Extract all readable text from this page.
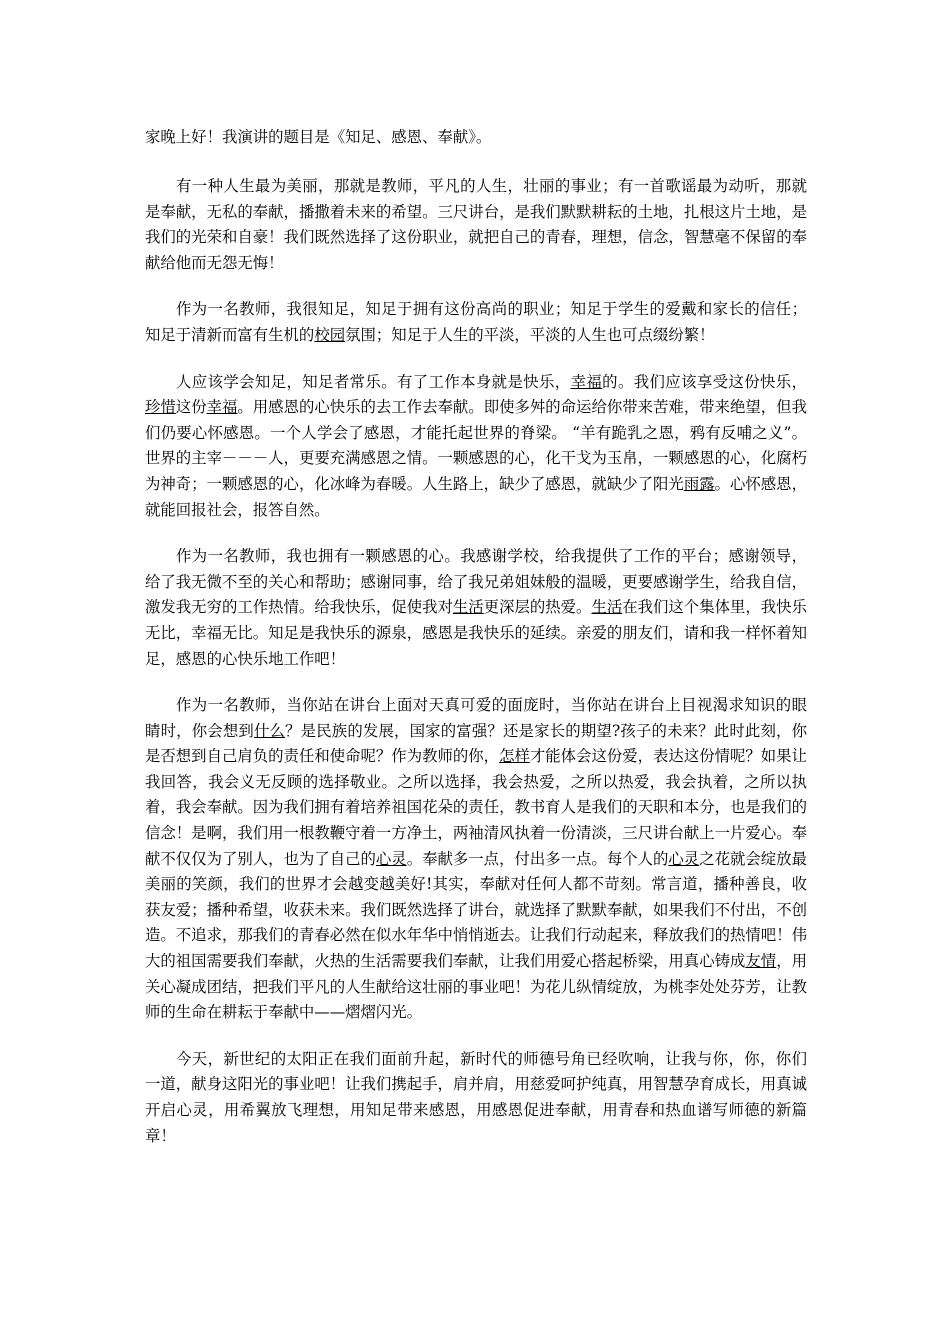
家晚上好！我演讲的题目是《知足、感恩、奉献》。

有一种人生最为美丽，那就是教师，平凡的人生，壮丽的事业；有一首歌谣最为动听，那就是奉献，无私的奉献，播撒着未来的希望。三尺讲台，是我们默默耕耘的土地，扎根这片土地，是我们的光荣和自豪！我们既然选择了这份职业，就把自己的青春，理想，信念，智慧毫不保留的奉献给他而无怨无悔！

作为一名教师，我很知足，知足于拥有这份高尚的职业；知足于学生的爱戴和家长的信任；知足于清新而富有生机的校园氛围；知足于人生的平淡，平淡的人生也可点缀纷繁！

人应该学会知足，知足者常乐。有了工作本身就是快乐，幸福的。我们应该享受这份快乐，珍惜这份幸福。用感恩的心快乐的去工作去奉献。即使多舛的命运给你带来苦难，带来绝望，但我们仍要心怀感恩。一个人学会了感恩，才能托起世界的脊梁。 “羊有跪乳之恩，鸦有反哺之义”。世界的主宰－－－人，更要充满感恩之情。一颗感恩的心，化干戈为玉帛，一颗感恩的心，化腐朽为神奇；一颗感恩的心，化冰峰为春暖。人生路上，缺少了感恩，就缺少了阳光雨露。心怀感恩，就能回报社会，报答自然。

作为一名教师，我也拥有一颗感恩的心。我感谢学校，给我提供了工作的平台；感谢领导，给了我无微不至的关心和帮助；感谢同事，给了我兄弟姐妹般的温暖，更要感谢学生，给我自信，激发我无穷的工作热情。给我快乐，促使我对生活更深层的热爱。生活在我们这个集体里，我快乐无比，幸福无比。知足是我快乐的源泉，感恩是我快乐的延续。亲爱的朋友们，请和我一样怀着知足，感恩的心快乐地工作吧！

作为一名教师，当你站在讲台上面对天真可爱的面庞时，当你站在讲台上目视渴求知识的眼睛时，你会想到什么？是民族的发展，国家的富强？还是家长的期望?孩子的未来？此时此刻，你是否想到自己肩负的责任和使命呢？作为教师的你，怎样才能体会这份爱，表达这份情呢？如果让我回答，我会义无反顾的选择敬业。之所以选择，我会热爱，之所以热爱，我会执着，之所以执着，我会奉献。因为我们拥有着培养祖国花朵的责任，教书育人是我们的天职和本分，也是我们的信念！是啊，我们用一根教鞭守着一方净土，两袖清风执着一份清淡，三尺讲台献上一片爱心。奉献不仅仅为了别人，也为了自己的心灵。奉献多一点，付出多一点。每个人的心灵之花就会绽放最美丽的笑颜，我们的世界才会越变越美好!其实，奉献对任何人都不苛刻。常言道，播种善良，收获友爱；播种希望，收获未来。我们既然选择了讲台，就选择了默默奉献，如果我们不付出，不创造。不追求，那我们的青春必然在似水年华中悄悄逝去。让我们行动起来，释放我们的热情吧！伟大的祖国需要我们奉献，火热的生活需要我们奉献，让我们用爱心搭起桥梁，用真心铸成友情，用关心凝成团结，把我们平凡的人生献给这壮丽的事业吧！为花儿纵情绽放，为桃李处处芬芳，让教师的生命在耕耘于奉献中——熠熠闪光。

今天，新世纪的太阳正在我们面前升起，新时代的师德号角已经吹响，让我与你，你，你们一道，献身这阳光的事业吧！让我们携起手，肩并肩，用慈爱呵护纯真，用智慧孕育成长，用真诚开启心灵，用希翼放飞理想，用知足带来感恩，用感恩促进奉献，用青春和热血谱写师德的新篇章！
